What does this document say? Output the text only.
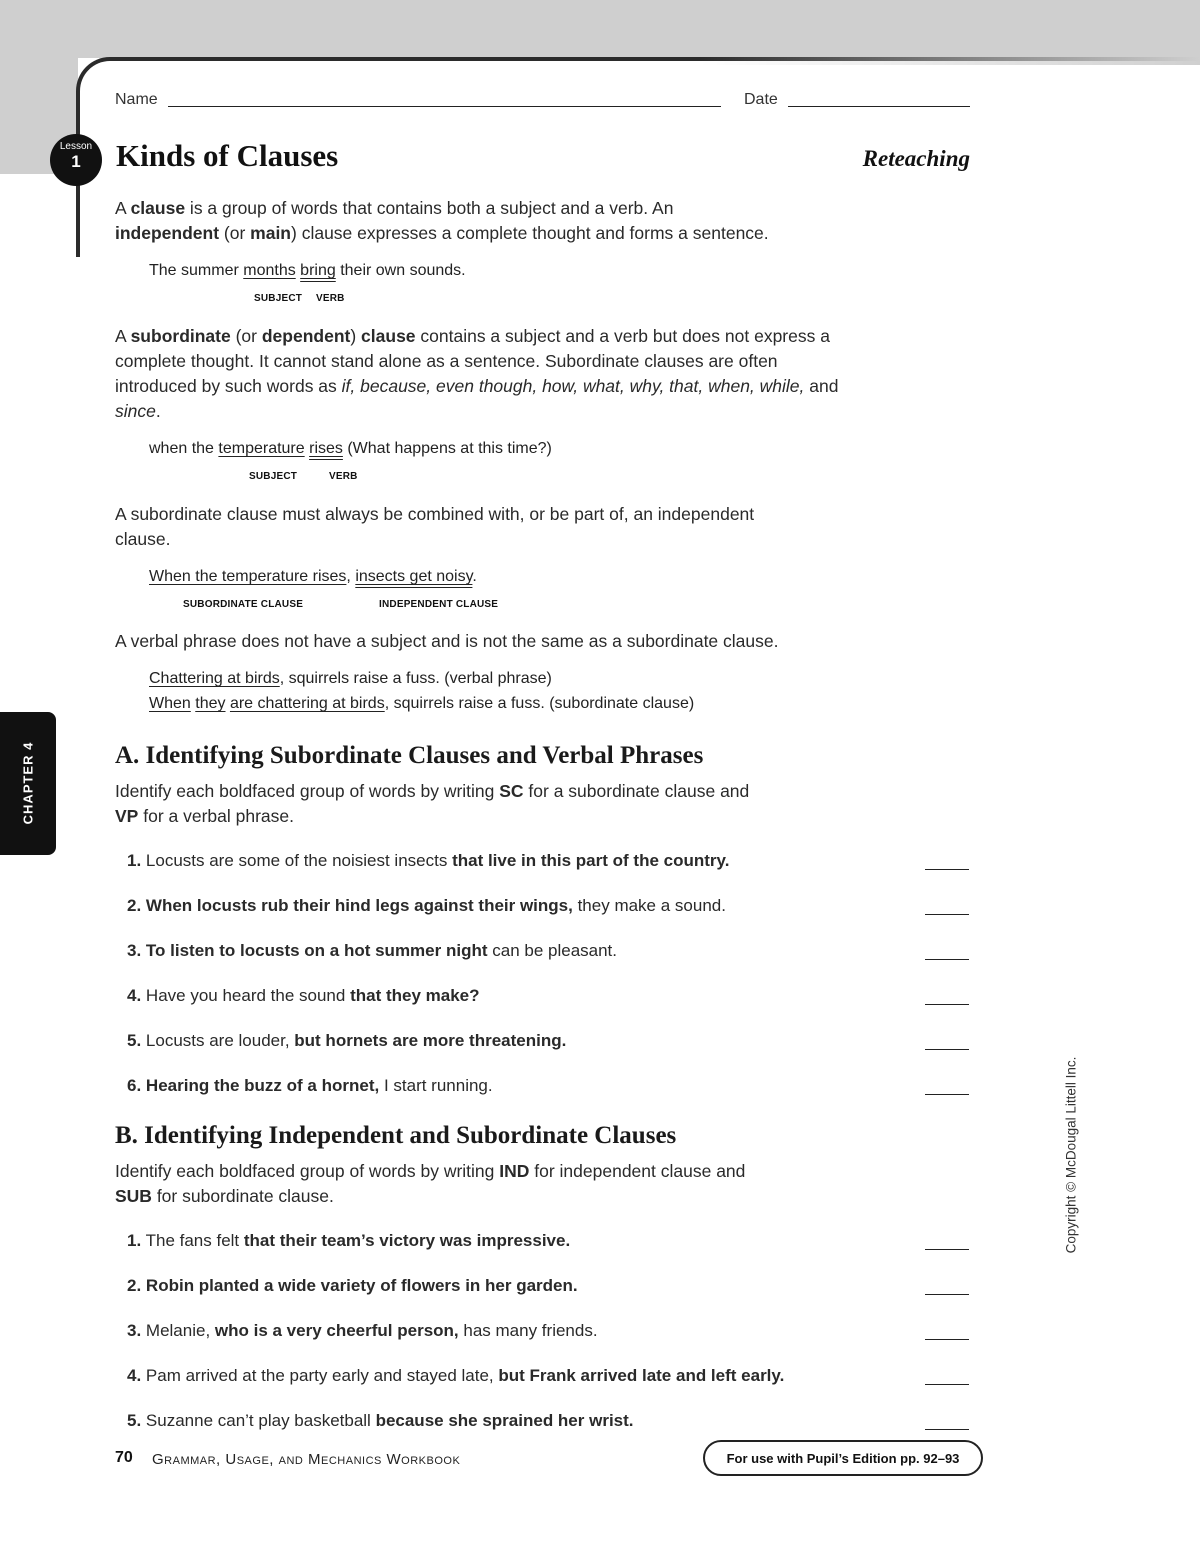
Name	Date
Lesson
1	Kinds of Clauses	Reteaching
A clause is a group of words that contains both a subject and a verb. An
independent (or main) clause expresses a complete thought and forms a sentence.
The summer months bring their own sounds.
SUBJECT VERB
A subordinate (or dependent) clause contains a subject and a verb but does not express a complete thought. It cannot stand alone as a sentence. Subordinate clauses are often introduced by such words as if, because, even though, how, what, why, that, when, while, and since.
when the temperature rises (What happens at this time?)
SUBJECT	VERB
A subordinate clause must always be combined with, or be part of, an independent clause.
When the temperature rises, insects get noisy.
SUBORDINATE CLAUSE	INDEPENDENT CLAUSE
A verbal phrase does not have a subject and is not the same as a subordinate clause.
Chattering at birds, squirrels raise a fuss. (verbal phrase)
When they are chattering at birds, squirrels raise a fuss. (subordinate clause)
A. Identifying Subordinate Clauses and Verbal Phrases
Identify each boldfaced group of words by writing SC for a subordinate clause and
VP for a verbal phrase.
1. Locusts are some of the noisiest insects that live in this part of the country.
2. When locusts rub their hind legs against their wings, they make a sound.
3. To listen to locusts on a hot summer night can be pleasant.
4. Have you heard the sound that they make?
5. Locusts are louder, but hornets are more threatening.
6. Hearing the buzz of a hornet, I start running.
B. Identifying Independent and Subordinate Clauses
Identify each boldfaced group of words by writing IND for independent clause and
SUB for subordinate clause.
1. The fans felt that their team’s victory was impressive.
2. Robin planted a wide variety of flowers in her garden.
3. Melanie, who is a very cheerful person, has many friends.
4. Pam arrived at the party early and stayed late, but Frank arrived late and left early.
5. Suzanne can’t play basketball because she sprained her wrist.
CHAPTER 4
Copyright © McDougal Littell Inc.
70 Grammar, Usage, and Mechanics Workbook	For use with Pupil’s Edition pp. 92–93
